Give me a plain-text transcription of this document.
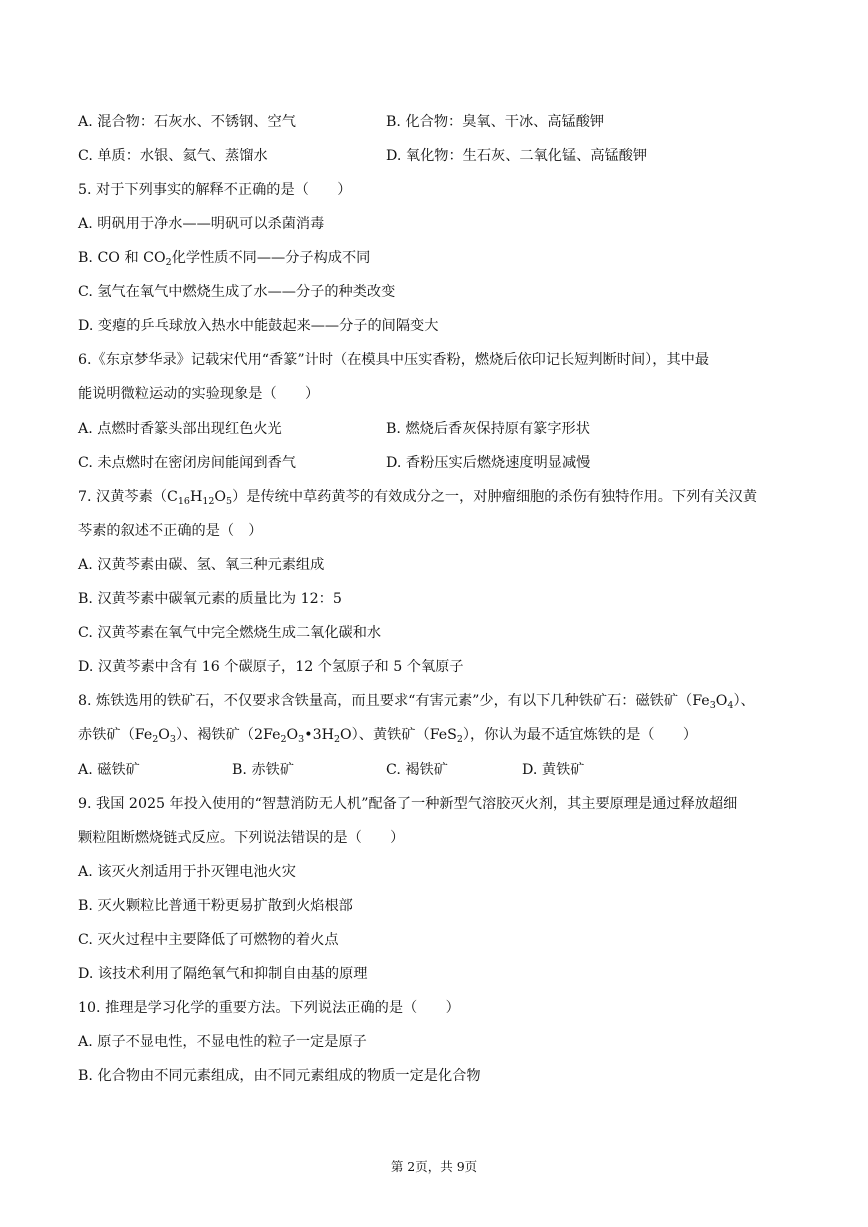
A. 混合物：石灰水、不锈钢、空气	B. 化合物：臭氧、干冰、高锰酸钾
C. 单质：水银、氦气、蒸馏水	D. 氧化物：生石灰、二氧化锰、高锰酸钾
5. 对于下列事实的解释不正确的是（　　）
A. 明矾用于净水——明矾可以杀菌消毒
B. CO 和 $CO_2$化学性质不同——分子构成不同
C. 氢气在氧气中燃烧生成了水——分子的种类改变
D. 变瘪的乒乓球放入热水中能鼓起来——分子的间隔变大
6.《东京梦华录》记载宋代用“香篆”计时（在模具中压实香粉，燃烧后依印记长短判断时间），其中最
能说明微粒运动的实验现象是（　　）
A. 点燃时香篆头部出现红色火光	B. 燃烧后香灰保持原有篆字形状
C. 未点燃时在密闭房间能闻到香气	D. 香粉压实后燃烧速度明显减慢
7. 汉黄芩素$(C_{16}H_{12}O_5)$是传统中草药黄芩的有效成分之一，对肿瘤细胞的杀伤有独特作用。下列有关汉黄
芩素的叙述不正确的是（　）
A. 汉黄芩素由碳、氢、氧三种元素组成
B. 汉黄芩素中碳氧元素的质量比为 12：5
C. 汉黄芩素在氧气中完全燃烧生成二氧化碳和水
D. 汉黄芩素中含有 16 个碳原子，12 个氢原子和 5 个氧原子
8. 炼铁选用的铁矿石，不仅要求含铁量高，而且要求“有害元素”少，有以下几种铁矿石：磁铁矿$(Fe_3O_4)$、
赤铁矿$(Fe_2O_3)$、褐铁矿$(2Fe_2O_3•3H_2O)$、黄铁矿（FeS$_2$），你认为最不适宜炼铁的是（　　）
A. 磁铁矿	B. 赤铁矿	C. 褐铁矿	D. 黄铁矿
9. 我国 2025 年投入使用的“智慧消防无人机”配备了一种新型气溶胶灭火剂，其主要原理是通过释放超细
颗粒阻断燃烧链式反应。下列说法错误的是（　　）
A. 该灭火剂适用于扑灭锂电池火灾
B. 灭火颗粒比普通干粉更易扩散到火焰根部
C. 灭火过程中主要降低了可燃物的着火点
D. 该技术利用了隔绝氧气和抑制自由基的原理
10. 推理是学习化学的重要方法。下列说法正确的是（　　）
A. 原子不显电性，不显电性的粒子一定是原子
B. 化合物由不同元素组成，由不同元素组成的物质一定是化合物
第 2页，共 9页
